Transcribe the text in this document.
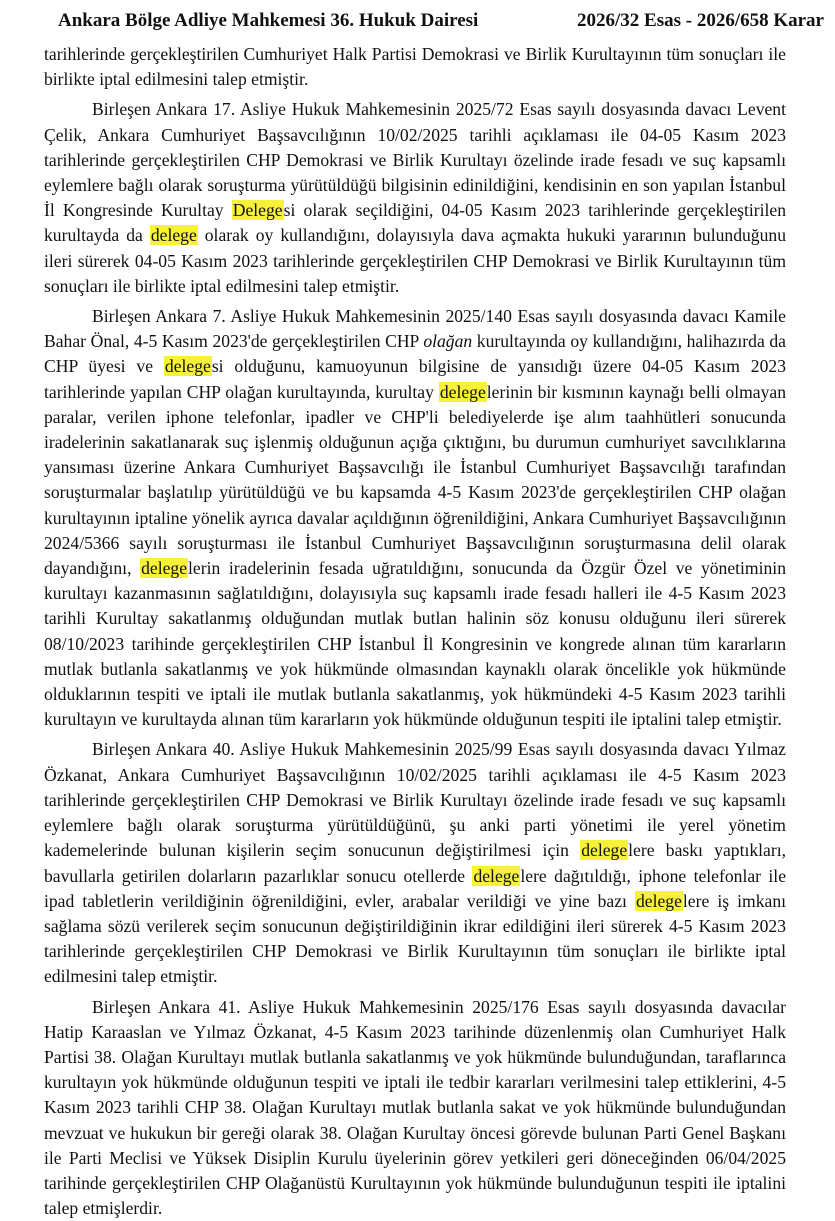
Ankara Bölge Adliye Mahkemesi 36. Hukuk Dairesi	2026/32 Esas - 2026/658 Karar

tarihlerinde gerçekleştirilen Cumhuriyet Halk Partisi Demokrasi ve Birlik Kurultayının tüm sonuçları ile birlikte iptal edilmesini talep etmiştir.

Birleşen Ankara 17. Asliye Hukuk Mahkemesinin 2025/72 Esas sayılı dosyasında davacı Levent Çelik, Ankara Cumhuriyet Başsavcılığının 10/02/2025 tarihli açıklaması ile 04-05 Kasım 2023 tarihlerinde gerçekleştirilen CHP Demokrasi ve Birlik Kurultayı özelinde irade fesadı ve suç kapsamlı eylemlere bağlı olarak soruşturma yürütüldüğü bilgisinin edinildiğini, kendisinin en son yapılan İstanbul İl Kongresinde Kurultay Delegesi olarak seçildiğini, 04-05 Kasım 2023 tarihlerinde gerçekleştirilen kurultayda da delege olarak oy kullandığını, dolayısıyla dava açmakta hukuki yararının bulunduğunu ileri sürerek 04-05 Kasım 2023 tarihlerinde gerçekleştirilen CHP Demokrasi ve Birlik Kurultayının tüm sonuçları ile birlikte iptal edilmesini talep etmiştir.

Birleşen Ankara 7. Asliye Hukuk Mahkemesinin 2025/140 Esas sayılı dosyasında davacı Kamile Bahar Önal, 4-5 Kasım 2023'de gerçekleştirilen CHP olağan kurultayında oy kullandığını, halihazırda da CHP üyesi ve delegesi olduğunu, kamuoyunun bilgisine de yansıdığı üzere 04-05 Kasım 2023 tarihlerinde yapılan CHP olağan kurultayında, kurultay delegelerinin bir kısmının kaynağı belli olmayan paralar, verilen iphone telefonlar, ipadler ve CHP'li belediyelerde işe alım taahhütleri sonucunda iradelerinin sakatlanarak suç işlenmiş olduğunun açığa çıktığını, bu durumun cumhuriyet savcılıklarına yansıması üzerine Ankara Cumhuriyet Başsavcılığı ile İstanbul Cumhuriyet Başsavcılığı tarafından soruşturmalar başlatılıp yürütüldüğü ve bu kapsamda 4-5 Kasım 2023'de gerçekleştirilen CHP olağan kurultayının iptaline yönelik ayrıca davalar açıldığının öğrenildiğini, Ankara Cumhuriyet Başsavcılığının 2024/5366 sayılı soruşturması ile İstanbul Cumhuriyet Başsavcılığının soruşturmasına delil olarak dayandığını, delegelerin iradelerinin fesada uğratıldığını, sonucunda da Özgür Özel ve yönetiminin kurultayı kazanmasının sağlatıldığını, dolayısıyla suç kapsamlı irade fesadı halleri ile 4-5 Kasım 2023 tarihli Kurultay sakatlanmış olduğundan mutlak butlan halinin söz konusu olduğunu ileri sürerek 08/10/2023 tarihinde gerçekleştirilen CHP İstanbul İl Kongresinin ve kongrede alınan tüm kararların mutlak butlanla sakatlanmış ve yok hükmünde olmasından kaynaklı olarak öncelikle yok hükmünde olduklarının tespiti ve iptali ile mutlak butlanla sakatlanmış, yok hükmündeki 4-5 Kasım 2023 tarihli kurultayın ve kurultayda alınan tüm kararların yok hükmünde olduğunun tespiti ile iptalini talep etmiştir.

Birleşen Ankara 40. Asliye Hukuk Mahkemesinin 2025/99 Esas sayılı dosyasında davacı Yılmaz Özkanat, Ankara Cumhuriyet Başsavcılığının 10/02/2025 tarihli açıklaması ile 4-5 Kasım 2023 tarihlerinde gerçekleştirilen CHP Demokrasi ve Birlik Kurultayı özelinde irade fesadı ve suç kapsamlı eylemlere bağlı olarak soruşturma yürütüldüğünü, şu anki parti yönetimi ile yerel yönetim kademelerinde bulunan kişilerin seçim sonucunun değiştirilmesi için delegelere baskı yaptıkları, bavullarla getirilen dolarların pazarlıklar sonucu otellerde delegelere dağıtıldığı, iphone telefonlar ile ipad tabletlerin verildiğinin öğrenildiğini, evler, arabalar verildiği ve yine bazı delegelere iş imkanı sağlama sözü verilerek seçim sonucunun değiştirildiğinin ikrar edildiğini ileri sürerek 4-5 Kasım 2023 tarihlerinde gerçekleştirilen CHP Demokrasi ve Birlik Kurultayının tüm sonuçları ile birlikte iptal edilmesini talep etmiştir.

Birleşen Ankara 41. Asliye Hukuk Mahkemesinin 2025/176 Esas sayılı dosyasında davacılar Hatip Karaaslan ve Yılmaz Özkanat, 4-5 Kasım 2023 tarihinde düzenlenmiş olan Cumhuriyet Halk Partisi 38. Olağan Kurultayı mutlak butlanla sakatlanmış ve yok hükmünde bulunduğundan, taraflarınca kurultayın yok hükmünde olduğunun tespiti ve iptali ile tedbir kararları verilmesini talep ettiklerini, 4-5 Kasım 2023 tarihli CHP 38. Olağan Kurultayı mutlak butlanla sakat ve yok hükmünde bulunduğundan mevzuat ve hukukun bir gereği olarak 38. Olağan Kurultay öncesi görevde bulunan Parti Genel Başkanı ile Parti Meclisi ve Yüksek Disiplin Kurulu üyelerinin görev yetkileri geri döneceğinden 06/04/2025 tarihinde gerçekleştirilen CHP Olağanüstü Kurultayının yok hükmünde bulunduğunun tespiti ile iptalini talep etmişlerdir.
